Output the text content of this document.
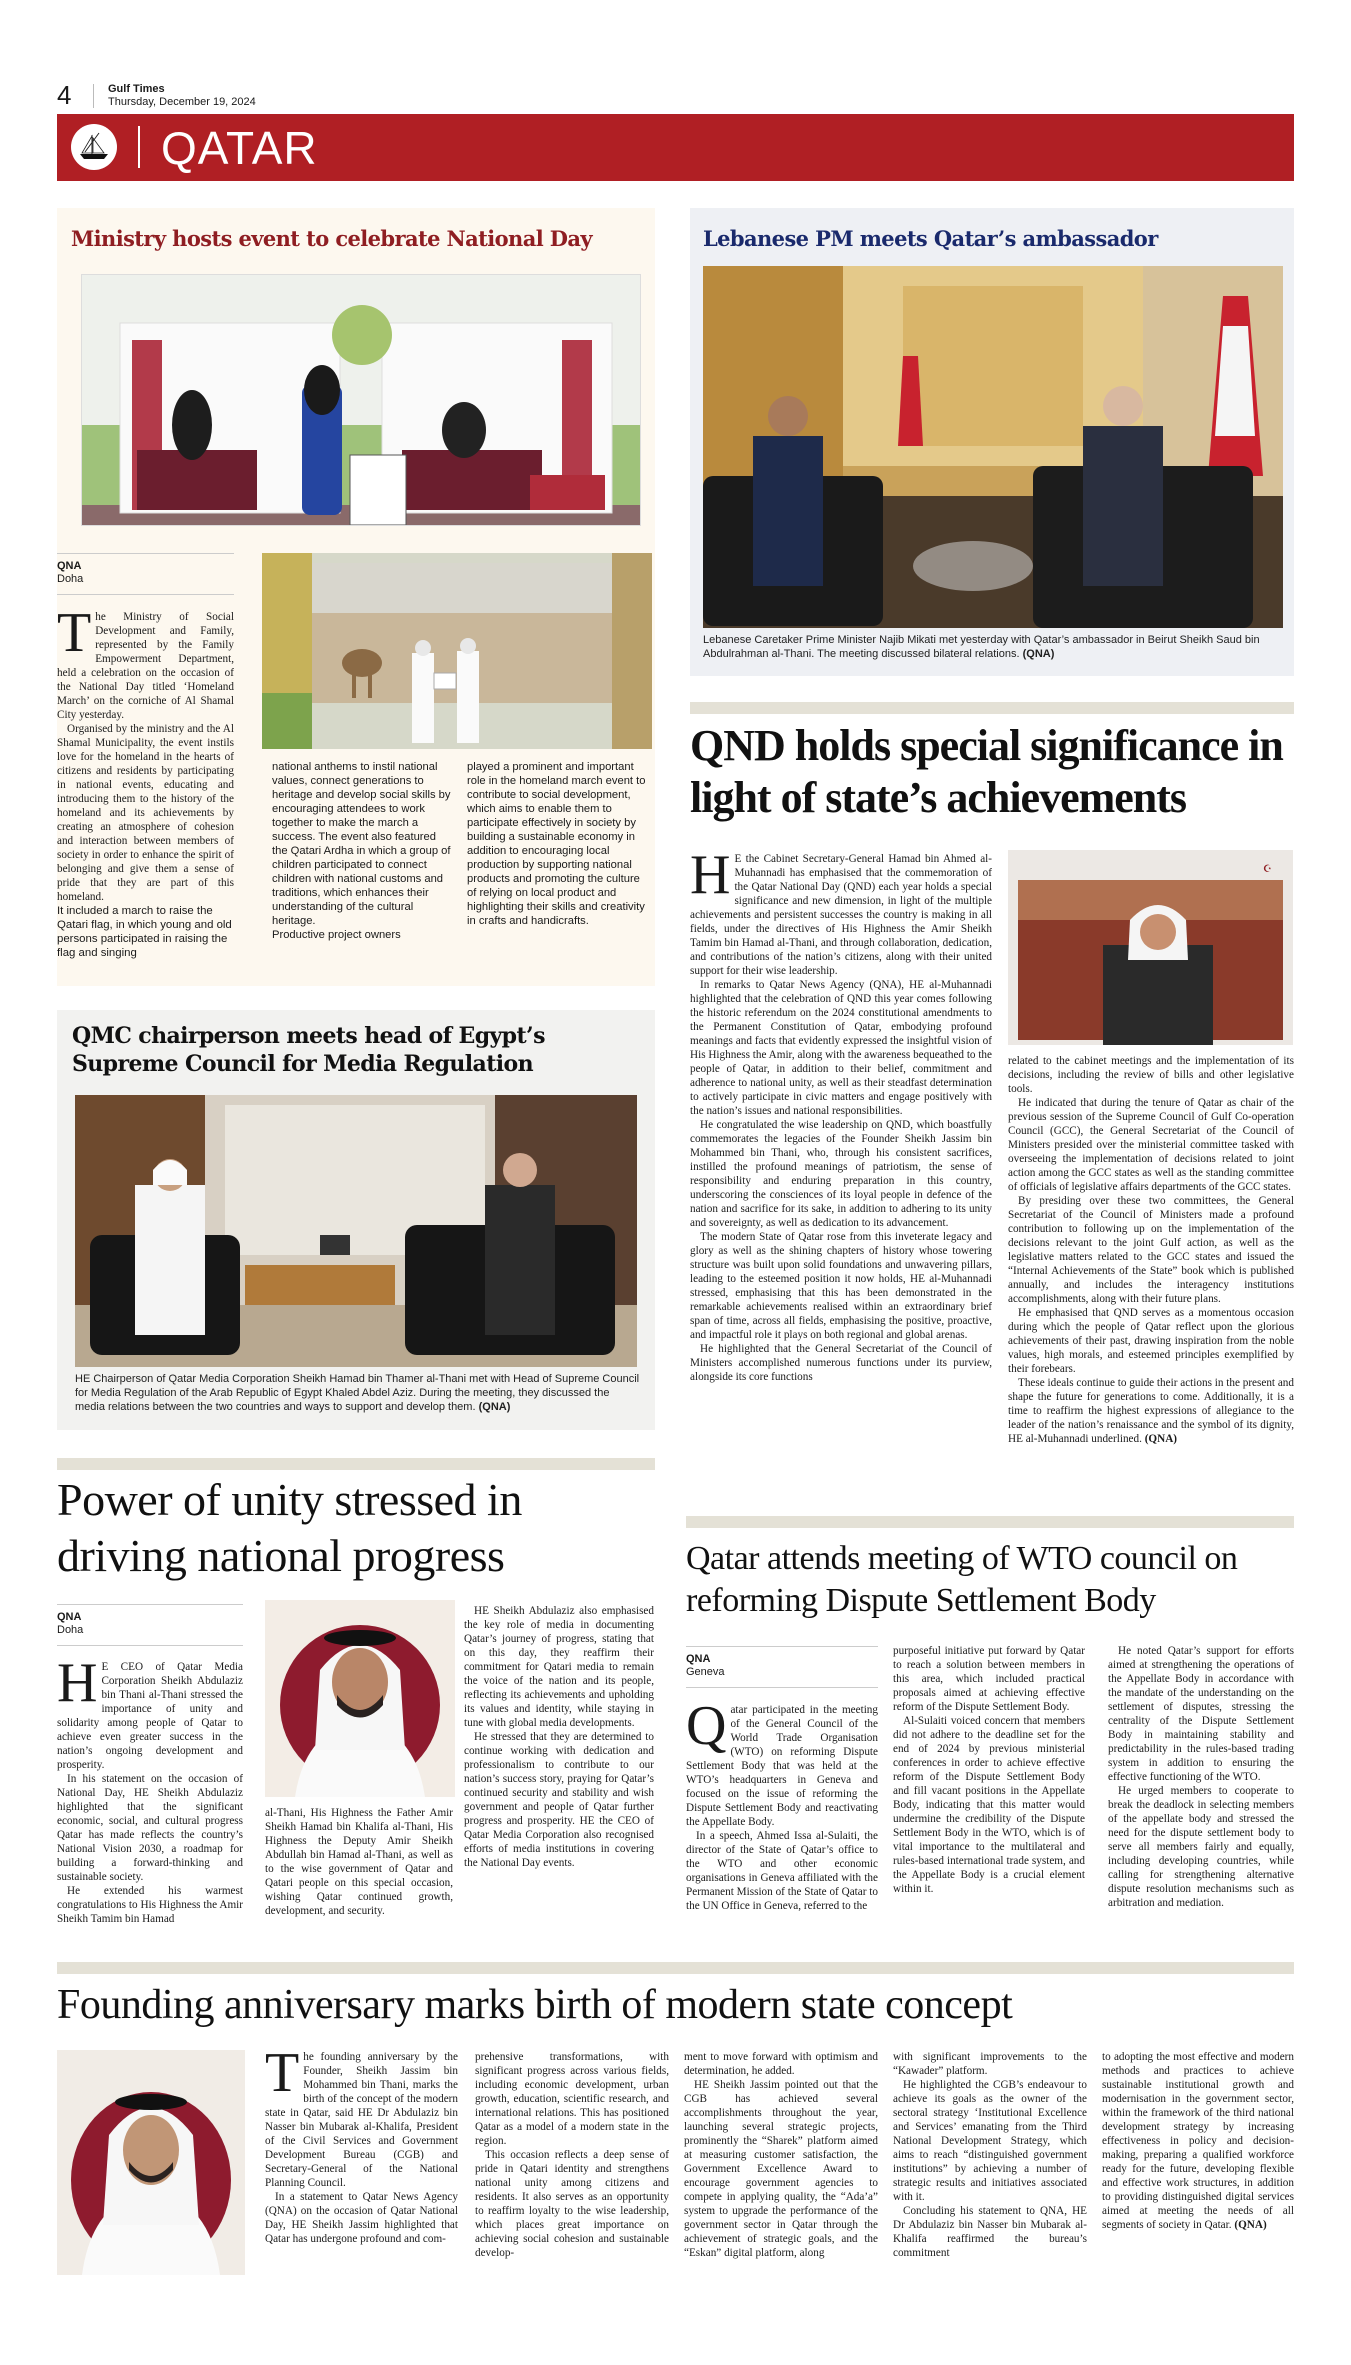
4	Gulf Times
Thursday, December 19, 2024
QATAR
Ministry hosts event to celebrate National Day
QNA
Doha

The Ministry of Social Development and Family, represented by the Family Empowerment Department, held a celebration on the occasion of the National Day titled ‘Homeland March’ on the corniche of Al Shamal City yesterday.

Organised by the ministry and the Al Shamal Municipality, the event instils love for the homeland in the hearts of citizens and residents by participating in national events, educating and introducing them to the history of the homeland and its achievements by creating an atmosphere of cohesion and interaction between members of society in order to enhance the spirit of belonging and give them a sense of pride that they are part of this homeland.

It included a march to raise the Qatari flag, in which young and old persons participated in raising the flag and singing

national anthems to instil national values, connect generations to heritage and develop social skills by encouraging attendees to work together to make the march a success. The event also featured the Qatari Ardha in which a group of children participated to connect children with national customs and traditions, which enhances their understanding of the cultural heritage.
Productive project owners
played a prominent and important role in the homeland march event to contribute to social development, which aims to enable them to participate effectively in society by building a sustainable economy in addition to encouraging local production by supporting national products and promoting the culture of relying on local product and highlighting their skills and creativity in crafts and handicrafts.
Lebanese PM meets Qatar’s ambassador
Lebanese Caretaker Prime Minister Najib Mikati met yesterday with Qatar’s ambassador in Beirut Sheikh Saud bin Abdulrahman al-Thani. The meeting discussed bilateral relations. (QNA)
QND holds special significance in light of state’s achievements

H E the Cabinet Secretary-General Hamad bin Ahmed al-Muhannadi has emphasised that the commemoration of the Qatar National Day (QND) each year holds a special significance and new dimension, in light of the multiple achievements and persistent successes the country is making in all fields, under the directives of His Highness the Amir Sheikh Tamim bin Hamad al-Thani, and through collaboration, dedication, and contributions of the nation’s citizens, along with their united support for their wise leadership.

In remarks to Qatar News Agency (QNA), HE al-Muhannadi highlighted that the celebration of QND this year comes following the historic referendum on the 2024 constitutional amendments to the Permanent Constitution of Qatar, embodying profound meanings and facts that evidently expressed the insightful vision of His Highness the Amir, along with the awareness bequeathed to the people of Qatar, in addition to their belief, commitment and adherence to national unity, as well as their steadfast determination to actively participate in civic matters and engage positively with the nation’s issues and national responsibilities.

He congratulated the wise leadership on QND, which boastfully commemorates the legacies of the Founder Sheikh Jassim bin Mohammed bin Thani, who, through his consistent sacrifices, instilled the profound meanings of patriotism, the sense of responsibility and enduring preparation in this country, underscoring the consciences of its loyal people in defence of the nation and sacrifice for its sake, in addition to adhering to its unity and sovereignty, as well as dedication to its advancement.

The modern State of Qatar rose from this inveterate legacy and glory as well as the shining chapters of history whose towering structure was built upon solid foundations and unwavering pillars, leading to the esteemed position it now holds, HE al-Muhannadi stressed, emphasising that this has been demonstrated in the remarkable achievements realised within an extraordinary brief span of time, across all fields, emphasising the positive, proactive, and impactful role it plays on both regional and global arenas.

He highlighted that the General Secretariat of the Council of Ministers accomplished numerous functions under its purview, alongside its core functions

☪

related to the cabinet meetings and the implementation of its decisions, including the review of bills and other legislative tools.

He indicated that during the tenure of Qatar as chair of the previous session of the Supreme Council of Gulf Co-operation Council (GCC), the General Secretariat of the Council of Ministers presided over the ministerial committee tasked with overseeing the implementation of decisions related to joint action among the GCC states as well as the standing committee of officials of legislative affairs departments of the GCC states.

By presiding over these two committees, the General Secretariat of the Council of Ministers made a profound contribution to following up on the implementation of the decisions relevant to the joint Gulf action, as well as the legislative matters related to the GCC states and issued the “Internal Achievements of the State” book which is published annually, and includes the interagency institutions accomplishments, along with their future plans.

He emphasised that QND serves as a momentous occasion during which the people of Qatar reflect upon the glorious achievements of their past, drawing inspiration from the noble values, high morals, and esteemed principles exemplified by their forebears.

These ideals continue to guide their actions in the present and shape the future for generations to come. Additionally, it is a time to reaffirm the highest expressions of allegiance to the leader of the nation’s renaissance and the symbol of its dignity, HE al-Muhannadi underlined. (QNA)

QMC chairperson meets head of Egypt’s Supreme Council for Media Regulation
HE Chairperson of Qatar Media Corporation Sheikh Hamad bin Thamer al-Thani met with Head of Supreme Council for Media Regulation of the Arab Republic of Egypt Khaled Abdel Aziz. During the meeting, they discussed the media relations between the two countries and ways to support and develop them. (QNA)
Power of unity stressed in driving national progress
QNA
Doha

H E CEO of Qatar Media Corporation Sheikh Abdulaziz bin Thani al-Thani stressed the importance of unity and solidarity among people of Qatar to achieve even greater success in the nation’s ongoing development and prosperity.

In his statement on the occasion of National Day, HE Sheikh Abdulaziz highlighted that the significant economic, social, and cultural progress Qatar has made reflects the country’s National Vision 2030, a roadmap for building a forward-thinking and sustainable society.

He extended his warmest congratulations to His Highness the Amir Sheikh Tamim bin Hamad

al-Thani, His Highness the Father Amir Sheikh Hamad bin Khalifa al-Thani, His Highness the Deputy Amir Sheikh Abdullah bin Hamad al-Thani, as well as to the wise government of Qatar and Qatari people on this special occasion, wishing Qatar continued growth, development, and security.

HE Sheikh Abdulaziz also emphasised the key role of media in documenting Qatar’s journey of progress, stating that on this day, they reaffirm their commitment for Qatari media to remain the voice of the nation and its people, reflecting its achievements and upholding its values and identity, while staying in tune with global media developments.

He stressed that they are determined to continue working with dedication and professionalism to contribute to our nation’s success story, praying for Qatar’s continued security and stability and wish government and people of Qatar further progress and prosperity. HE the CEO of Qatar Media Corporation also recognised efforts of media institutions in covering the National Day events.

Qatar attends meeting of WTO council on reforming Dispute Settlement Body
QNA
Geneva

Qatar participated in the meeting of the General Council of the World Trade Organisation (WTO) on reforming Dispute Settlement Body that was held at the WTO’s headquarters in Geneva and focused on the issue of reforming the Dispute Settlement Body and reactivating the Appellate Body.

In a speech, Ahmed Issa al-Sulaiti, the director of the State of Qatar’s office to the WTO and other economic organisations in Geneva affiliated with the Permanent Mission of the State of Qatar to the UN Office in Geneva, referred to the

purposeful initiative put forward by Qatar to reach a solution between members in this area, which included practical proposals aimed at achieving effective reform of the Dispute Settlement Body.

Al-Sulaiti voiced concern that members did not adhere to the deadline set for the end of 2024 by previous ministerial conferences in order to achieve effective reform of the Dispute Settlement Body and fill vacant positions in the Appellate Body, indicating that this matter would undermine the credibility of the Dispute Settlement Body in the WTO, which is of vital importance to the multilateral and rules-based international trade system, and the Appellate Body is a crucial element within it.

He noted Qatar’s support for efforts aimed at strengthening the operations of the Appellate Body in accordance with the mandate of the understanding on the settlement of disputes, stressing the centrality of the Dispute Settlement Body in maintaining stability and predictability in the rules-based trading system in addition to ensuring the effective functioning of the WTO.

He urged members to cooperate to break the deadlock in selecting members of the appellate body and stressed the need for the dispute settlement body to serve all members fairly and equally, including developing countries, while calling for strengthening alternative dispute resolution mechanisms such as arbitration and mediation.

Founding anniversary marks birth of modern state concept

The founding anniversary by the Founder, Sheikh Jassim bin Mohammed bin Thani, marks the birth of the concept of the modern state in Qatar, said HE Dr Abdulaziz bin Nasser bin Mubarak al-Khalifa, President of the Civil Services and Government Development Bureau (CGB) and Secretary-General of the National Planning Council.

In a statement to Qatar News Agency (QNA) on the occasion of Qatar National Day, HE Sheikh Jassim highlighted that Qatar has undergone profound and com-

prehensive transformations, with significant progress across various fields, including economic development, urban growth, education, scientific research, and international relations. This has positioned Qatar as a model of a modern state in the region.

This occasion reflects a deep sense of pride in Qatari identity and strengthens national unity among citizens and residents. It also serves as an opportunity to reaffirm loyalty to the wise leadership, which places great importance on achieving social cohesion and sustainable develop-

ment to move forward with optimism and determination, he added.

HE Sheikh Jassim pointed out that the CGB has achieved several accomplishments throughout the year, launching several strategic projects, prominently the “Sharek” platform aimed at measuring customer satisfaction, the Government Excellence Award to encourage government agencies to compete in applying quality, the “Ada’a” system to upgrade the performance of the government sector in Qatar through the achievement of strategic goals, and the “Eskan” digital platform, along

with significant improvements to the “Kawader” platform.

He highlighted the CGB’s endeavour to achieve its goals as the owner of the sectoral strategy ‘Institutional Excellence and Services’ emanating from the Third National Development Strategy, which aims to reach “distinguished government institutions” by achieving a number of strategic results and initiatives associated with it.

Concluding his statement to QNA, HE Dr Abdulaziz bin Nasser bin Mubarak al-Khalifa reaffirmed the bureau’s commitment

to adopting the most effective and modern methods and practices to achieve sustainable institutional growth and modernisation in the government sector, within the framework of the third national development strategy by increasing effectiveness in policy and decision-making, preparing a qualified workforce ready for the future, developing flexible and effective work structures, in addition to providing distinguished digital services aimed at meeting the needs of all segments of society in Qatar. (QNA)
